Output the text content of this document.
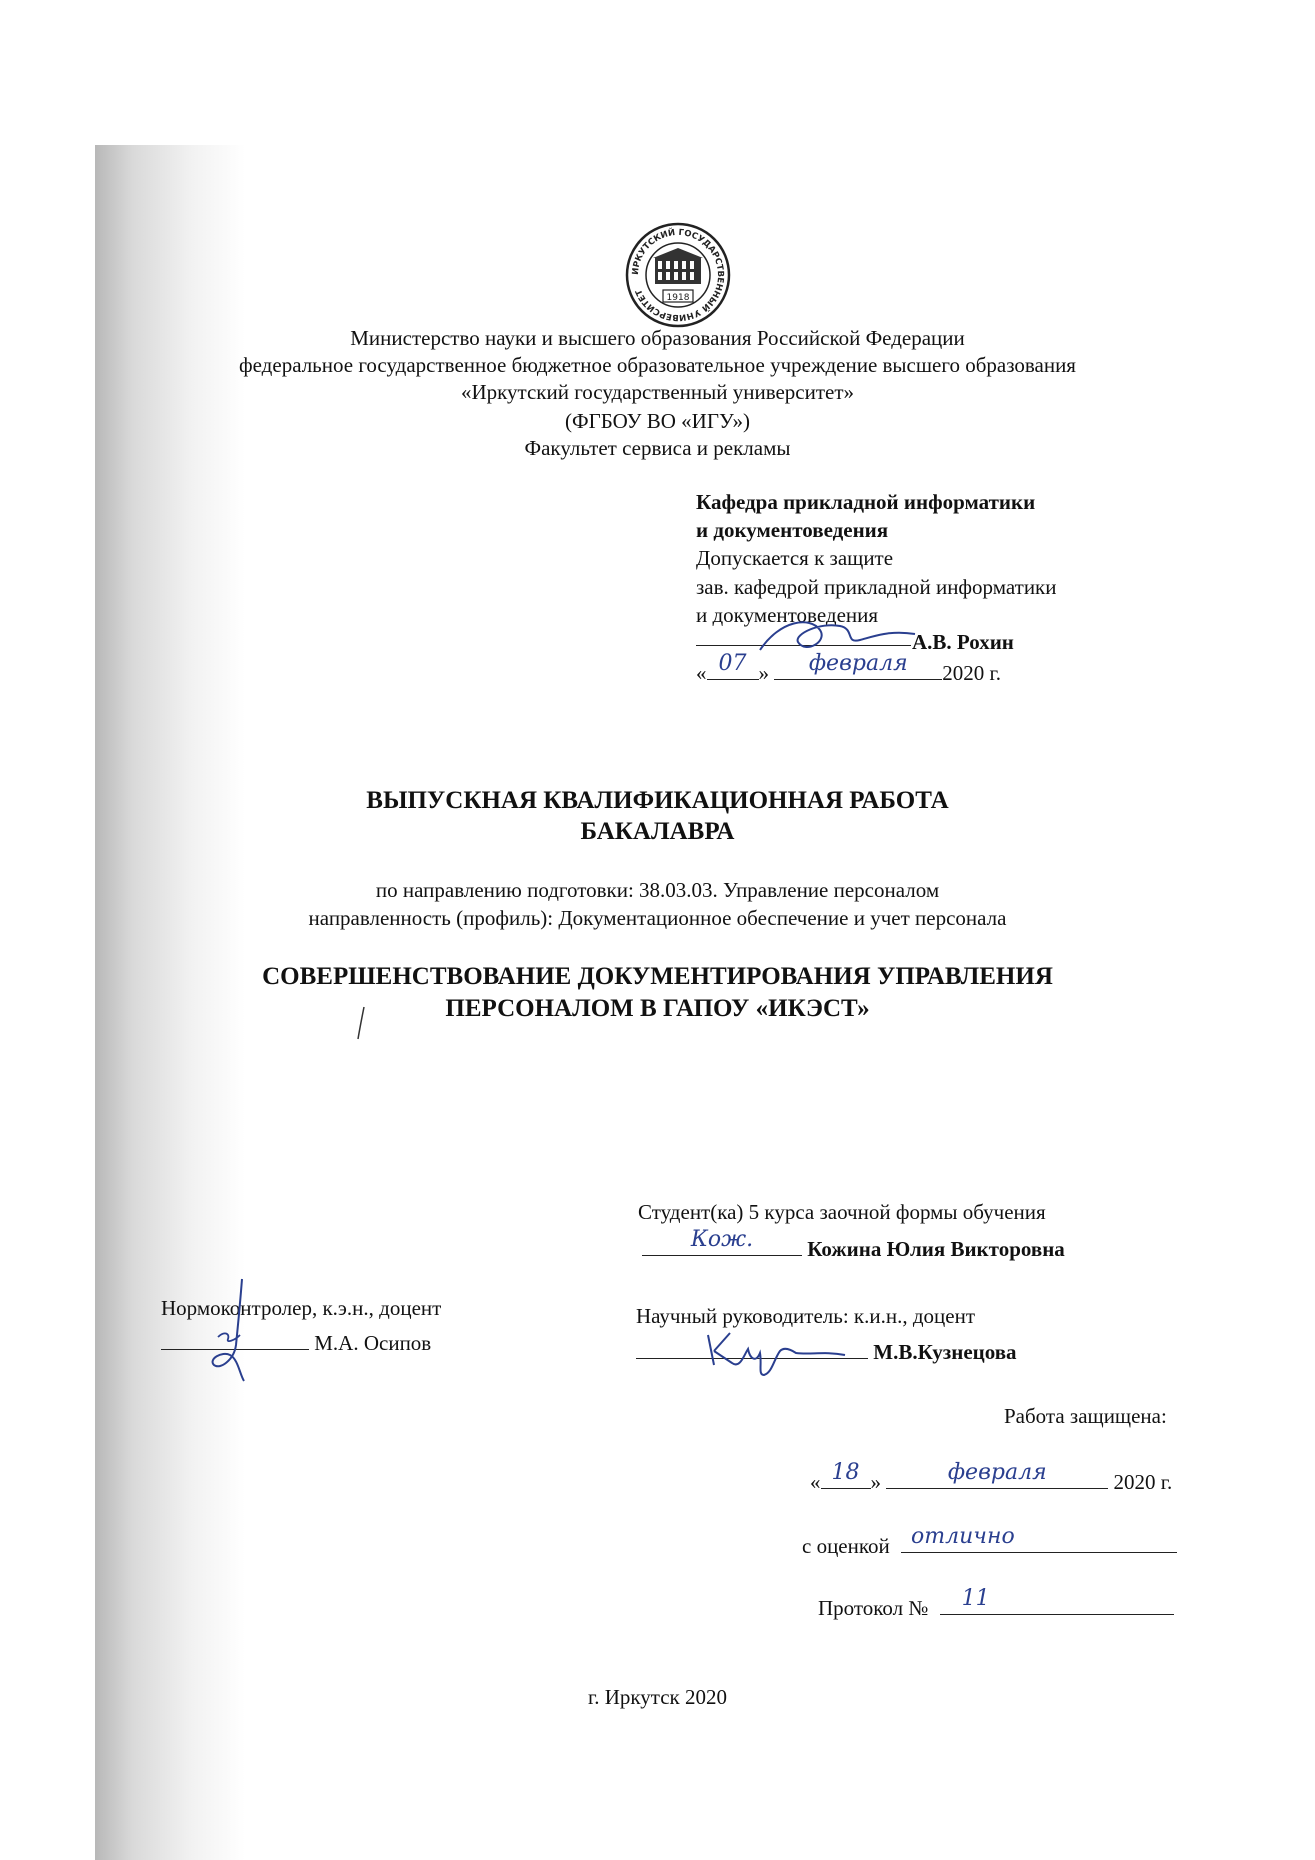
ИРКУТСКИЙ ГОСУДАРСТВЕННЫЙ УНИВЕРСИТЕТ
1918
Министерство науки и высшего образования Российской Федерации
федеральное государственное бюджетное образовательное учреждение высшего образования
«Иркутский государственный университет»
(ФГБОУ ВО «ИГУ»)
Факультет сервиса и рекламы
Кафедра прикладной информатики
и документоведения
Допускается к защите
зав. кафедрой прикладной информатики
и документоведения
А.В. Рохин
« 07 »	февраля	2020 г.
ВЫПУСКНАЯ КВАЛИФИКАЦИОННАЯ РАБОТА
БАКАЛАВРА
по направлению подготовки: 38.03.03. Управление персоналом
направленность (профиль): Документационное обеспечение и учет персонала
СОВЕРШЕНСТВОВАНИЕ ДОКУМЕНТИРОВАНИЯ УПРАВЛЕНИЯ
ПЕРСОНАЛОМ В ГАПОУ «ИКЭСТ»
Студент(ка) 5 курса заочной формы обучения
Кож.	Кожина Юлия Викторовна
Нормоконтролер, к.э.н., доцент
М.А. Осипов
Научный руководитель: к.и.н., доцент
М.В.Кузнецова
Работа защищена:
« 18 »	февраля	2020 г.
с оценкой отлично
Протокол № 11
г. Иркутск 2020
